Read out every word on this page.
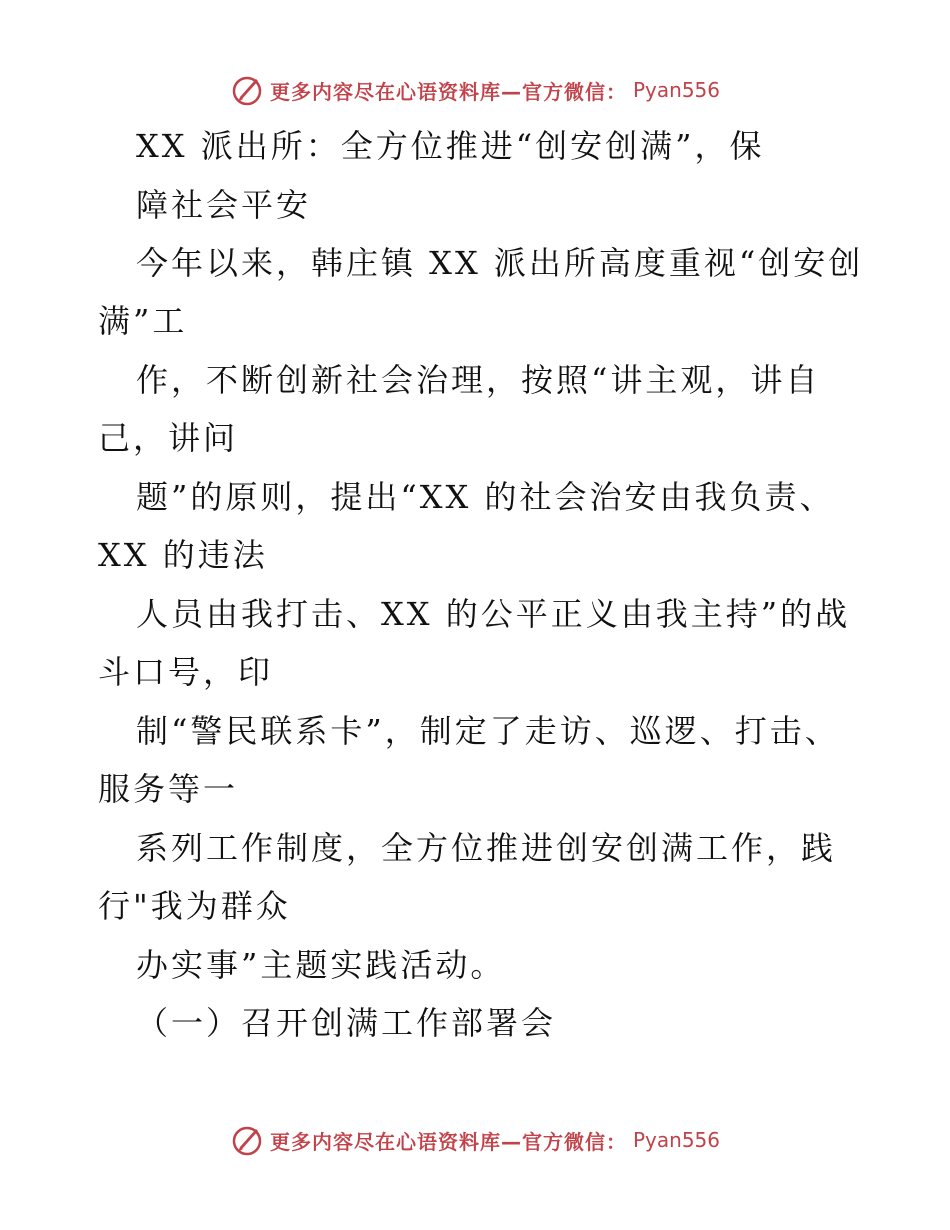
更多内容尽在心语资料库—官方微信： Pyan556
XX 派出所：全方位推进“创安创满”，保
障社会平安
今年以来，韩庄镇 XX 派出所高度重视“创安创
满”工
作，不断创新社会治理，按照“讲主观，讲自
己，讲问
题”的原则，提出“XX 的社会治安由我负责、
XX 的违法
人员由我打击、XX 的公平正义由我主持”的战
斗口号，印
制“警民联系卡”，制定了走访、巡逻、打击、
服务等一
系列工作制度，全方位推进创安创满工作，践
行"我为群众
办实事”主题实践活动。
（一）召开创满工作部署会
更多内容尽在心语资料库—官方微信： Pyan556
